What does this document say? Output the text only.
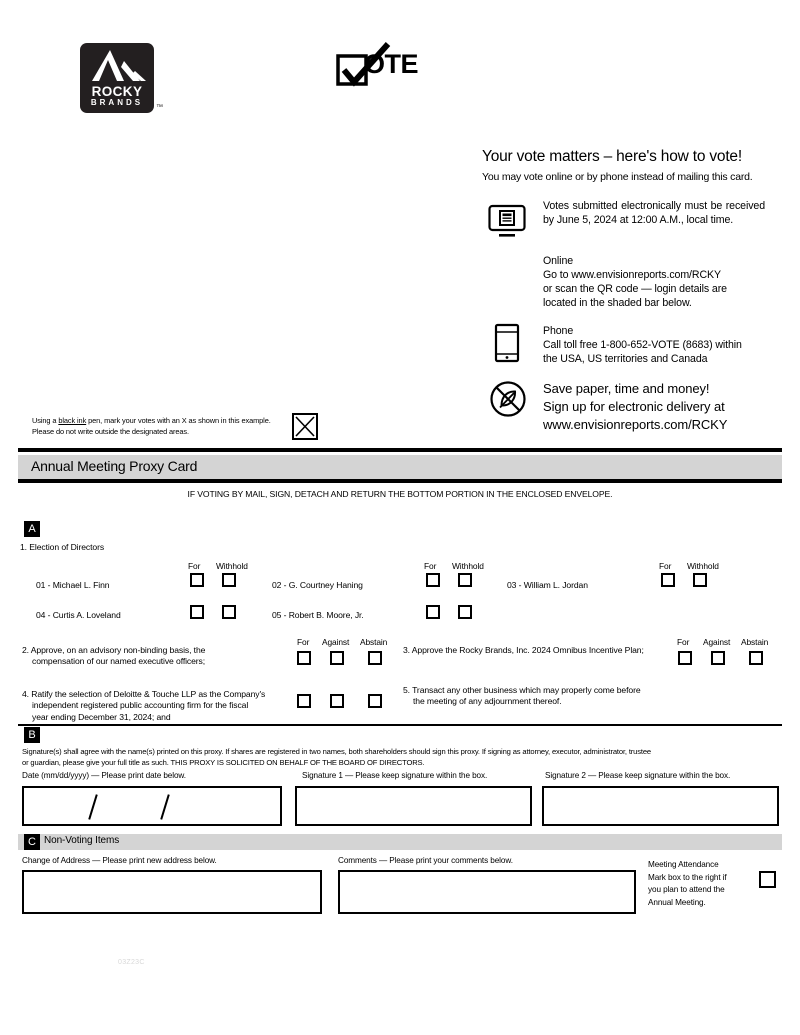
ROCKY
BRANDS
™
OTE
Your vote matters – here's how to vote!
You may vote online or by phone instead of mailing this card.
Votes submitted electronically must be received by June 5, 2024 at 12:00 A.M., local time.
Online
Go to www.envisionreports.com/RCKY
or scan the QR code — login details are
located in the shaded bar below.
Phone
Call toll free 1-800-652-VOTE (8683) within
the USA, US territories and Canada
Save paper, time and money!
Sign up for electronic delivery at
www.envisionreports.com/RCKY
Using a black ink pen, mark your votes with an X as shown in this example.
Please do not write outside the designated areas.
Annual Meeting Proxy Card
IF VOTING BY MAIL, SIGN, DETACH AND RETURN THE BOTTOM PORTION IN THE ENCLOSED ENVELOPE.
A
1. Election of Directors
For Withhold	For Withhold	For Withhold
01 - Michael L. Finn	02 - G. Courtney Haning	03 - William L. Jordan
04 - Curtis A. Loveland	05 - Robert B. Moore, Jr.
For Against Abstain	For Against Abstain
2. Approve, on an advisory non-binding basis, the
compensation of our named executive officers;
3. Approve the Rocky Brands, Inc. 2024 Omnibus Incentive Plan;
4. Ratify the selection of Deloitte & Touche LLP as the Company's
independent registered public accounting firm for the fiscal
year ending December 31, 2024; and
5. Transact any other business which may properly come before
the meeting of any adjournment thereof.
B
Signature(s) shall agree with the name(s) printed on this proxy. If shares are registered in two names, both shareholders should sign this proxy. If signing as attorney, executor, administrator, trustee
or guardian, please give your full title as such. THIS PROXY IS SOLICITED ON BEHALF OF THE BOARD OF DIRECTORS.
Date (mm/dd/yyyy) — Please print date below.	Signature 1 — Please keep signature within the box.	Signature 2 — Please keep signature within the box.
C Non-Voting Items
Change of Address — Please print new address below.	Comments — Please print your comments below.	Meeting Attendance
Mark box to the right if
you plan to attend the
Annual Meeting.
03Z23C
